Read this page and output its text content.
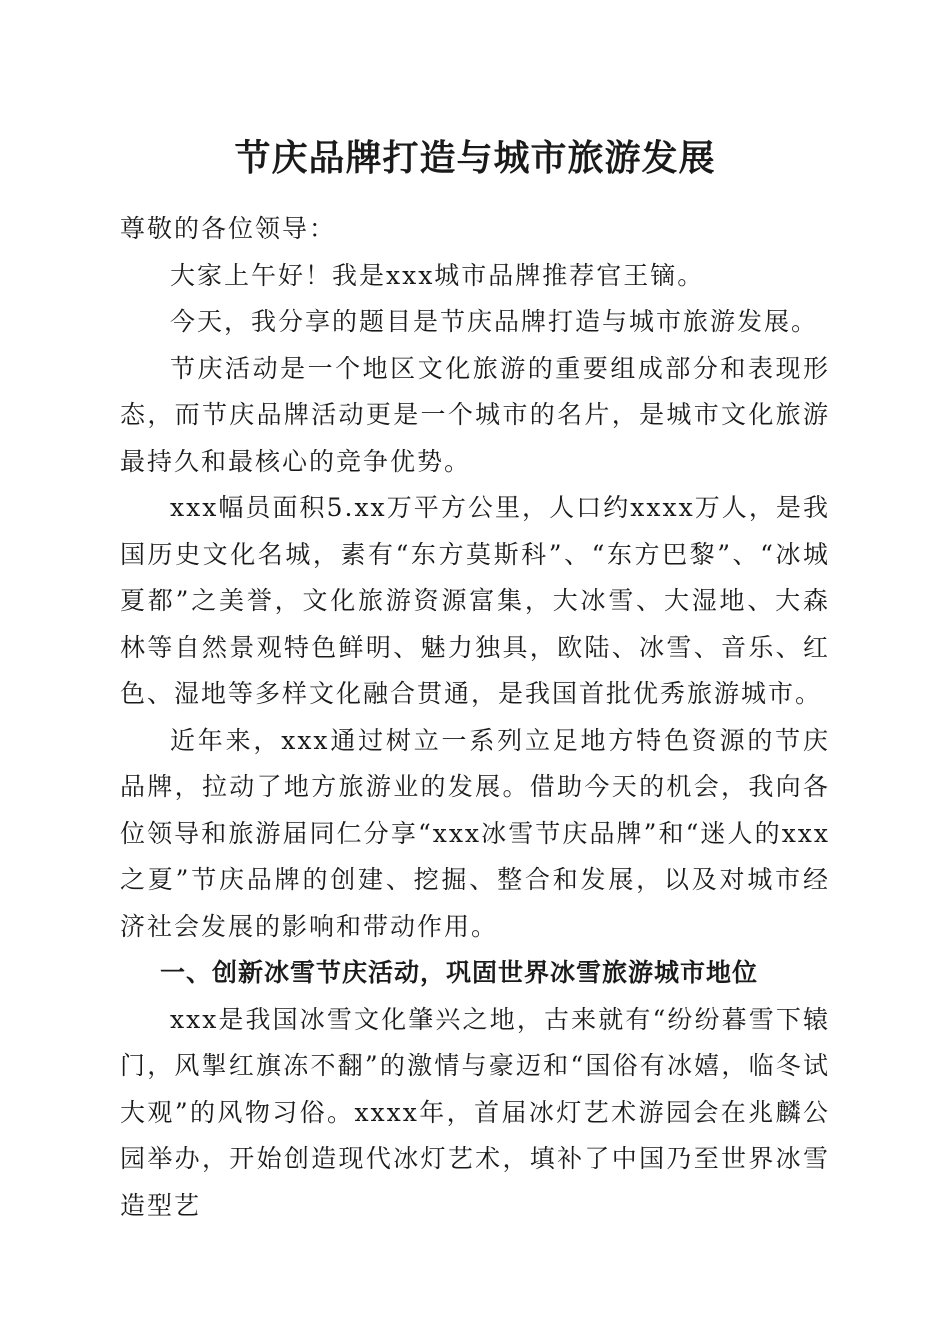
节庆品牌打造与城市旅游发展

尊敬的各位领导：

大家上午好！我是xxx城市品牌推荐官王镝。

今天，我分享的题目是节庆品牌打造与城市旅游发展。

节庆活动是一个地区文化旅游的重要组成部分和表现形态，而节庆品牌活动更是一个城市的名片，是城市文化旅游最持久和最核心的竞争优势。

xxx幅员面积5.xx万平方公里，人口约xxxx万人，是我国历史文化名城，素有“东方莫斯科”、“东方巴黎”、“冰城夏都”之美誉，文化旅游资源富集，大冰雪、大湿地、大森林等自然景观特色鲜明、魅力独具，欧陆、冰雪、音乐、红色、湿地等多样文化融合贯通，是我国首批优秀旅游城市。

近年来，xxx通过树立一系列立足地方特色资源的节庆品牌，拉动了地方旅游业的发展。借助今天的机会，我向各位领导和旅游届同仁分享“xxx冰雪节庆品牌”和“迷人的xxx之夏”节庆品牌的创建、挖掘、整合和发展，以及对城市经济社会发展的影响和带动作用。

一、创新冰雪节庆活动，巩固世界冰雪旅游城市地位

xxx是我国冰雪文化肇兴之地，古来就有“纷纷暮雪下辕门，风掣红旗冻不翻”的激情与豪迈和“国俗有冰嬉，临冬试大观”的风物习俗。xxxx年，首届冰灯艺术游园会在兆麟公园举办，开始创造现代冰灯艺术，填补了中国乃至世界冰雪造型艺
